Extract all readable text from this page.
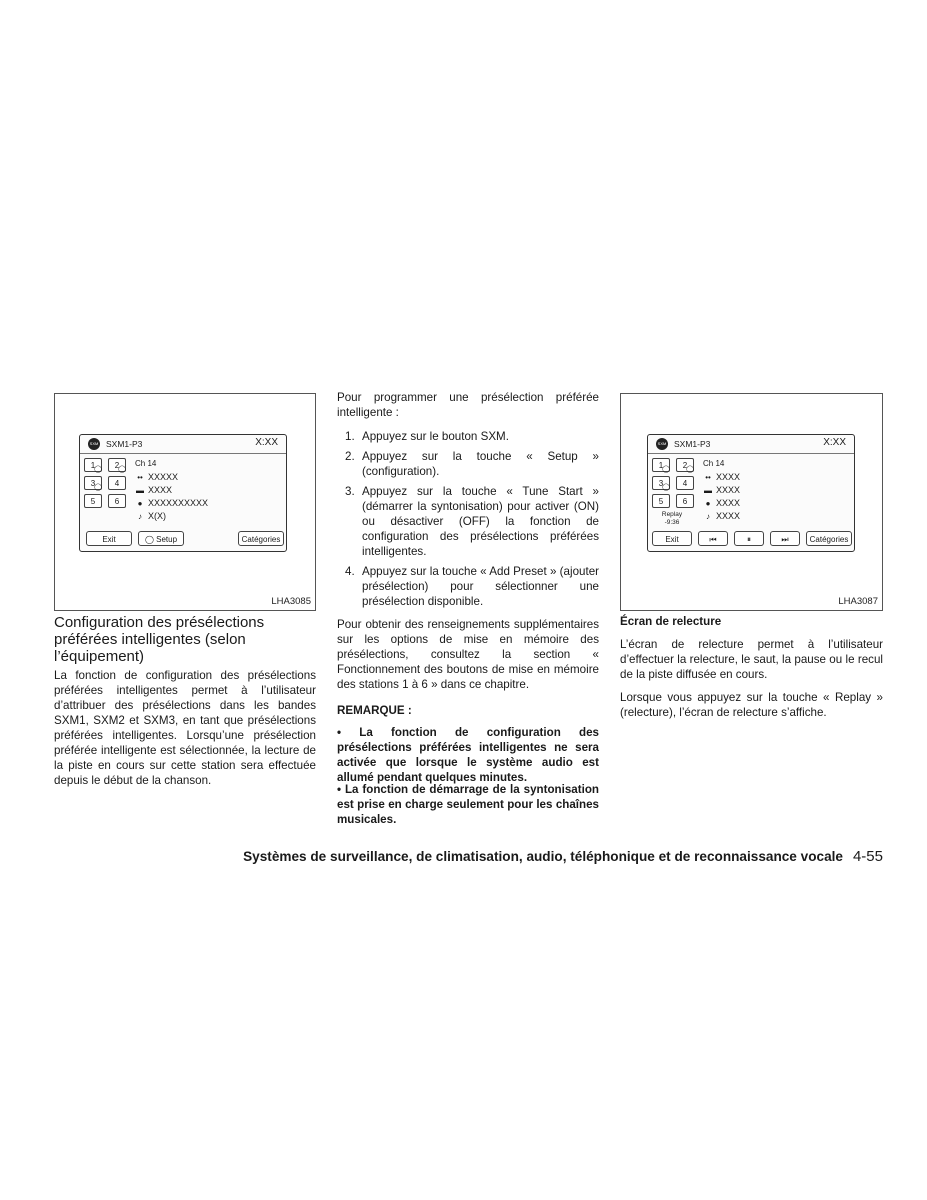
SXM SXM1-P3	X:XX
1
◯	2
◯
3
◯	4
5	6
Ch 14
•• XXXXX
▬ XXXX
● XXXXXXXXXX
♪ X(X)
Exit	◯ Setup	Catégories
LHA3085
SXM SXM1-P3	X:XX
1
◯	2
◯
3
◯	4
5	6
Replay
-9:36
Ch 14
•• XXXX
▬ XXXX
● XXXX
♪ XXXX
Exit	⏮	⏸	⏭	Catégories
LHA3087
Configuration des présélections préférées intelligentes (selon l’équipement)

La fonction de configuration des présélections préférées intelligentes permet à l’utilisateur d’attribuer des présélections dans les bandes SXM1, SXM2 et SXM3, en tant que présélections préférées intelligentes. Lorsqu’une présélection préférée intelligente est sélectionnée, la lecture de la piste en cours sur cette station sera effectuée depuis le début de la chanson.

Pour programmer une présélection préférée intelligente :

1. Appuyez sur le bouton SXM.
2. Appuyez sur la touche « Setup » (configuration).
3. Appuyez sur la touche « Tune Start » (démarrer la syntonisation) pour activer (ON) ou désactiver (OFF) la fonction de configuration des présélections préférées intelligentes.
4. Appuyez sur la touche « Add Preset » (ajouter présélection) pour sélectionner une présélection disponible.

Pour obtenir des renseignements supplémentaires sur les options de mise en mémoire des présélections, consultez la section « Fonctionnement des boutons de mise en mémoire des stations 1 à 6 » dans ce chapitre.

REMARQUE :

• La fonction de configuration des présélections préférées intelligentes ne sera activée que lorsque le système audio est allumé pendant quelques minutes.

• La fonction de démarrage de la syntonisation est prise en charge seulement pour les chaînes musicales.

Écran de relecture

L’écran de relecture permet à l’utilisateur d’effectuer la relecture, le saut, la pause ou le recul de la piste diffusée en cours.

Lorsque vous appuyez sur la touche « Replay » (relecture), l’écran de relecture s’affiche.

Systèmes de surveillance, de climatisation, audio, téléphonique et de reconnaissance vocale 4-55
